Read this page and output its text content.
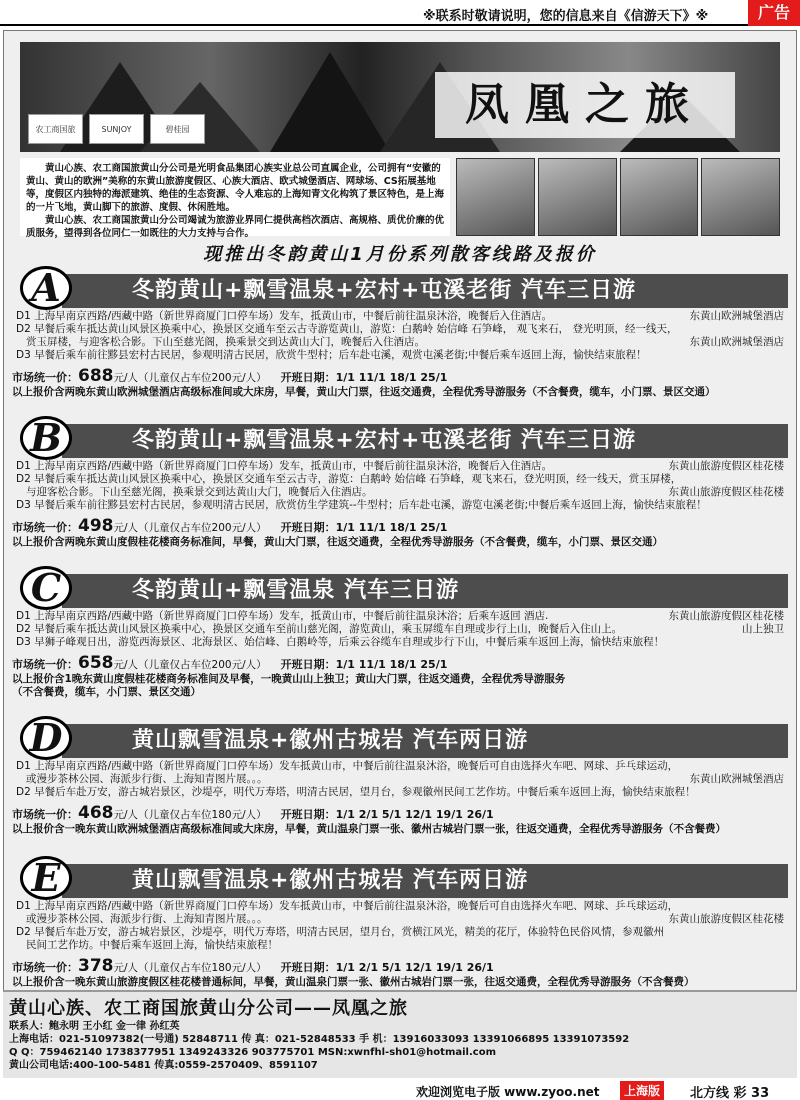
※联系时敬请说明，您的信息来自《信游天下》※	广告
农工商国旅	SUNJOY	碧桂园	凤凰之旅

黄山心族、农工商国旅黄山分公司是光明食品集团心族实业总公司直属企业，公司拥有“安徽的黄山、黄山的欧洲”美称的东黄山旅游度假区、心族大酒店、欧式城堡酒店、网球场、CS拓展基地等，度假区内独特的海派建筑、绝佳的生态资源、令人难忘的上海知青文化构筑了景区特色，是上海的一片飞地，黄山脚下的旅游、度假、休闲胜地。

黄山心族、农工商国旅黄山分公司竭诚为旅游业界同仁提供高档次酒店、高规格、质优价廉的优质服务，望得到各位同仁一如既往的大力支持与合作。

现推出冬韵黄山1月份系列散客线路及报价
A	冬韵黄山+飘雪温泉+宏村+屯溪老街 汽车三日游
D1 上海早南京西路/西藏中路（新世界商厦门口停车场）发车，抵黄山市，中餐后前往温泉沐浴，晚餐后入住酒店。	东黄山欧洲城堡酒店
D2 早餐后乘车抵达黄山风景区换乘中心，换景区交通车至云古寺游览黄山，游览：白鹅岭 始信峰 石笋峰， 观飞来石， 登光明顶，经一线天，
赏玉屏楼，与迎客松合影。下山至慈光阁，换乘景交到达黄山大门，晚餐后入住酒店。	东黄山欧洲城堡酒店
D3 早餐后乘车前往黟县宏村古民居，参观明清古民居，欣赏牛型村；后车赴屯溪，观赏屯溪老街;中餐后乘车返回上海，愉快结束旅程！
市场统一价：688元/人（儿童仅占车位200元/人） 开班日期：1/1 11/1 18/1 25/1
以上报价含两晚东黄山欧洲城堡酒店高级标准间或大床房，早餐，黄山大门票，往返交通费，全程优秀导游服务（不含餐费，缆车，小门票、景区交通）
B	冬韵黄山+飘雪温泉+宏村+屯溪老街 汽车三日游
D1 上海早南京西路/西藏中路（新世界商厦门口停车场）发车，抵黄山市，中餐后前往温泉沐浴，晚餐后入住酒店。	东黄山旅游度假区桂花楼
D2 早餐后乘车抵达黄山风景区换乘中心，换景区交通车至云古寺，游览：白鹅岭 始信峰 石笋峰，观飞来石，登光明顶，经一线天，赏玉屏楼，
与迎客松合影。下山至慈光阁，换乘景交到达黄山大门，晚餐后入住酒店。	东黄山旅游度假区桂花楼
D3 早餐后乘车前往黟县宏村古民居，参观明清古民居，欣赏仿生学建筑--牛型村；后车赴屯溪，游览屯溪老街;中餐后乘车返回上海，愉快结束旅程！
市场统一价：498元/人（儿童仅占车位200元/人） 开班日期：1/1 11/1 18/1 25/1
以上报价含两晚东黄山度假桂花楼商务标准间，早餐，黄山大门票，往返交通费，全程优秀导游服务（不含餐费，缆车，小门票、景区交通）
C	冬韵黄山+飘雪温泉 汽车三日游
D1 上海早南京西路/西藏中路（新世界商厦门口停车场）发车，抵黄山市，中餐后前往温泉沐浴；后乘车返回 酒店.	东黄山旅游度假区桂花楼
D2 早餐后乘车抵达黄山风景区换乘中心，换景区交通车至前山慈光阁，游览黄山，乘玉屏缆车自理或步行上山，晚餐后入住山上。	山上独卫
D3 早狮子峰观日出，游览西海景区、北海景区、始信峰、白鹅岭等，后乘云谷缆车自理或步行下山，中餐后乘车返回上海，愉快结束旅程！
市场统一价：658元/人（儿童仅占车位200元/人） 开班日期：1/1 11/1 18/1 25/1
以上报价含1晚东黄山度假桂花楼商务标准间及早餐，一晚黄山山上独卫；黄山大门票，往返交通费，全程优秀导游服务
（不含餐费，缆车，小门票、景区交通）
D	黄山飘雪温泉+徽州古城岩 汽车两日游
D1 上海早南京西路/西藏中路（新世界商厦门口停车场）发车抵黄山市，中餐后前往温泉沐浴，晚餐后可自由选择火车吧、网球、乒乓球运动，
或漫步茶林公园、海派步行街、上海知青图片展。。。	东黄山欧洲城堡酒店
D2 早餐后车赴万安，游古城岩景区，沙堤亭，明代万寿塔，明清古民居，望月台，参观徽州民间工艺作坊。中餐后乘车返回上海，愉快结束旅程！
市场统一价：468元/人（儿童仅占车位180元/人） 开班日期：1/1 2/1 5/1 12/1 19/1 26/1
以上报价含一晚东黄山欧洲城堡酒店高级标准间或大床房，早餐，黄山温泉门票一张、徽州古城岩门票一张，往返交通费，全程优秀导游服务（不含餐费）
E	黄山飘雪温泉+徽州古城岩 汽车两日游
D1 上海早南京西路/西藏中路（新世界商厦门口停车场）发车抵黄山市，中餐后前往温泉沐浴，晚餐后可自由选择火车吧、网球、乒乓球运动，
或漫步茶林公园、海派步行街、上海知青图片展。。。	东黄山旅游度假区桂花楼
D2 早餐后车赴万安，游古城岩景区，沙堤亭，明代万寿塔，明清古民居，望月台，赏横江风光，精美的花厅，体验特色民俗风情，参观徽州
民间工艺作坊。中餐后乘车返回上海，愉快结束旅程！
市场统一价：378元/人（儿童仅占车位180元/人） 开班日期：1/1 2/1 5/1 12/1 19/1 26/1
以上报价含一晚东黄山旅游度假区桂花楼普通标间，早餐，黄山温泉门票一张、徽州古城岩门票一张，往返交通费，全程优秀导游服务（不含餐费）
黄山心族、农工商国旅黄山分公司——凤凰之旅
联系人：鲍永明 王小红 金一律 孙红英
上海电话：021-51097382(一号通) 52848711 传 真：021-52848533 手 机：13916033093 13391066895 13391073592
Q Q：759462140 1738377951 1349243326 903775701 MSN:xwnfhl-sh01@hotmail.com
黄山公司电话:400-100-5481 传真:0559-2570409、8591107
欢迎浏览电子版 www.zyoo.net	上海版	北方线 彩 33
